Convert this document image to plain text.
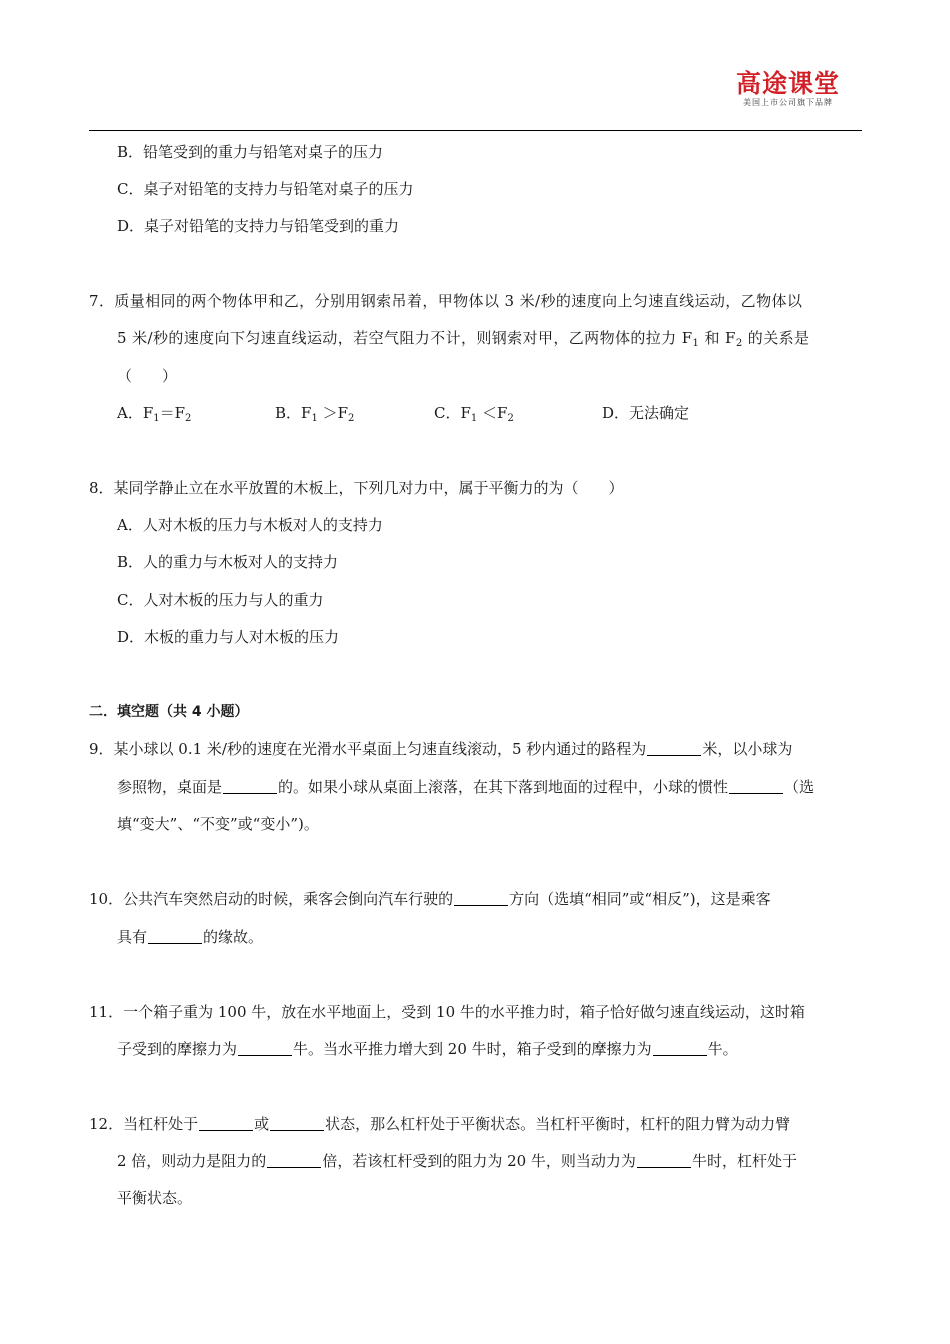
高途课堂
美国上市公司旗下品牌
B．铅笔受到的重力与铅笔对桌子的压力
C．桌子对铅笔的支持力与铅笔对桌子的压力
D．桌子对铅笔的支持力与铅笔受到的重力
7．质量相同的两个物体甲和乙，分别用钢索吊着，甲物体以 3 米/秒的速度向上匀速直线运动，乙物体以
5 米/秒的速度向下匀速直线运动，若空气阻力不计，则钢索对甲，乙两物体的拉力 $F_1$ 和 $F_2$ 的关系是
（　　）
A．$F_1=F_2$	B．$F_1 >F_2$	C．$F_1 <F_2$	D．无法确定
8．某同学静止立在水平放置的木板上，下列几对力中，属于平衡力的为（　　）
A．人对木板的压力与木板对人的支持力
B．人的重力与木板对人的支持力
C．人对木板的压力与人的重力
D．木板的重力与人对木板的压力
二．填空题（共 4 小题）
9．某小球以 0.1 米/秒的速度在光滑水平桌面上匀速直线滚动，5 秒内通过的路程为	米，以小球为
参照物，桌面是	的。如果小球从桌面上滚落，在其下落到地面的过程中，小球的惯性	（选
填“变大”、“不变”或“变小”)。
10．公共汽车突然启动的时候，乘客会倒向汽车行驶的	方向（选填“相同”或“相反”)，这是乘客
具有	的缘故。
11．一个箱子重为 100 牛，放在水平地面上，受到 10 牛的水平推力时，箱子恰好做匀速直线运动，这时箱
子受到的摩擦力为	牛。当水平推力增大到 20 牛时，箱子受到的摩擦力为	牛。
12．当杠杆处于	或	状态，那么杠杆处于平衡状态。当杠杆平衡时，杠杆的阻力臂为动力臂
2 倍，则动力是阻力的	倍，若该杠杆受到的阻力为 20 牛，则当动力为	牛时，杠杆处于
平衡状态。
